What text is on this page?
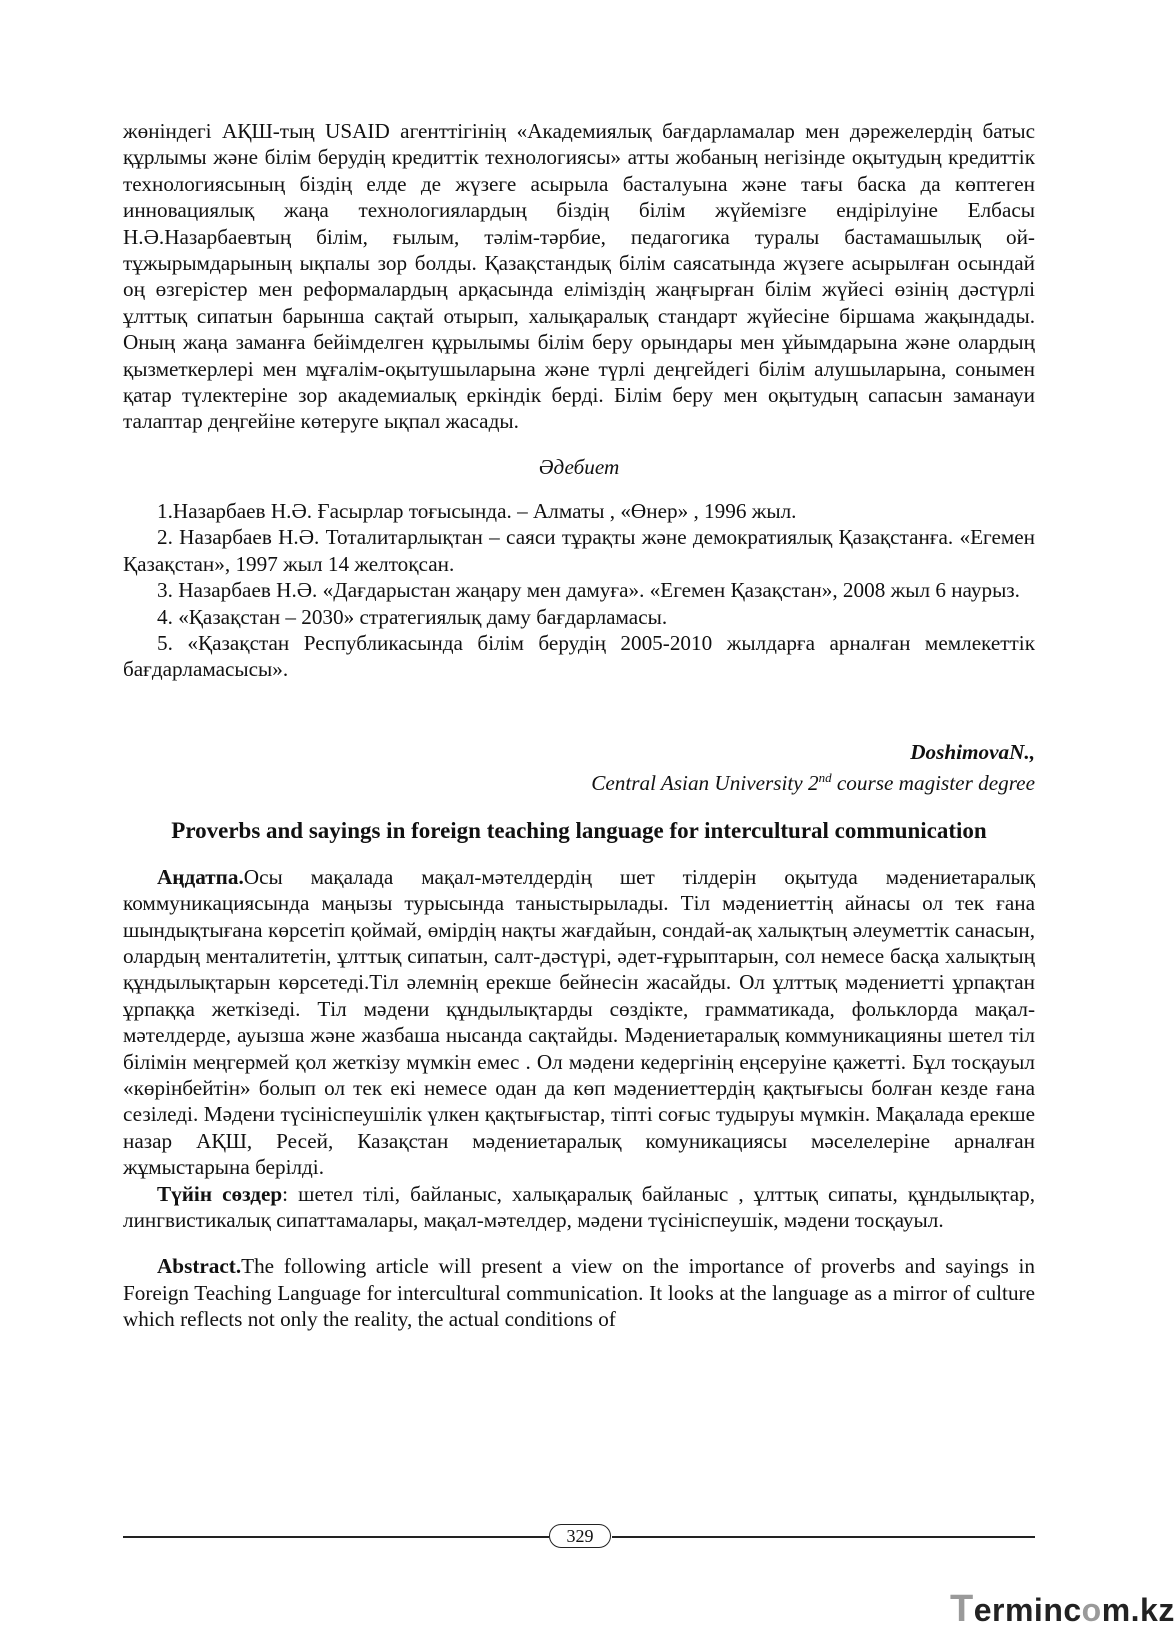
жөніндегі АҚШ-тың USAID агенттігінің «Академиялық бағдарламалар мен дәрежелердің батыс құрлымы және білім берудің кредиттік технологиясы» атты жобаның негізінде оқытудың кредиттік технологиясының біздің елде де жүзеге асырыла басталуына және тағы баска да көптеген инновациялық жаңа технологиялардың біздің білім жүйемізге ендірілуіне Елбасы Н.Ә.Назарбаевтың білім, ғылым, тәлім-тәрбие, педагогика туралы бастамашылық ой-тұжырымдарының ықпалы зор болды. Қазақстандық білім саясатында жүзеге асырылған осындай оң өзгерістер мен реформалардың арқасында еліміздің жаңғырған білім жүйесі өзінің дәстүрлі ұлттық сипатын барынша сақтай отырып, халықаралық стандарт жүйесіне біршама жақындады. Оның жаңа заманға бейімделген құрылымы білім беру орындары мен ұйымдарына және олардың қызметкерлері мен мұғалім-оқытушыларына және түрлі деңгейдегі білім алушыларына, сонымен қатар түлектеріне зор академиалық еркіндік берді. Білім беру мен оқытудың сапасын заманауи талаптар деңгейіне көтеруге ықпал жасады.

Әдебиет

1.Назарбаев Н.Ә. Ғасырлар тоғысында. – Алматы , «Өнер» , 1996 жыл.

2. Назарбаев Н.Ә. Тоталитарлықтан – саяси тұрақты және демократиялық Қазақстанға. «Егемен Қазақстан», 1997 жыл 14 желтоқсан.

3. Назарбаев Н.Ә. «Дағдарыстан жаңару мен дамуға». «Егемен Қазақстан», 2008 жыл 6 наурыз.

4. «Қазақстан – 2030» стратегиялық даму бағдарламасы.

5. «Қазақстан Республикасында білім берудің 2005-2010 жылдарға арналған мемлекеттік бағдарламасысы».

DoshimovaN.,
Central Asian University 2nd course magister degree
Proverbs and sayings in foreign teaching language for intercultural communication

Аңдатпа.Осы мақалада мақал-мәтелдердің шет тілдерін оқытуда мәдениетаралық коммуникациясында маңызы турысында таныстырылады. Тіл мәдениеттің айнасы ол тек ғана шындықтығана көрсетіп қоймай, өмірдің нақты жағдайын, сондай-ақ халықтың әлеуметтік санасын, олардың менталитетін, ұлттық сипатын, салт-дәстүрі, әдет-ғұрыптарын, сол немесе басқа халықтың құндылықтарын көрсетеді.Тіл әлемнің ерекше бейнесін жасайды. Ол ұлттық мәдениетті ұрпақтан ұрпаққа жеткізеді. Тіл мәдени құндылықтарды сөздікте, грамматикада, фольклорда мақал-мәтелдерде, ауызша және жазбаша нысанда сақтайды. Мәдениетаралық коммуникацияны шетел тіл білімін меңгермей қол жеткізу мүмкін емес . Ол мәдени кедергінің еңсеруіне қажетті. Бұл тосқауыл «көрінбейтін» болып ол тек екі немесе одан да көп мәдениеттердің қақтығысы болған кезде ғана сезіледі. Мәдени түсініспеушілік үлкен қақтығыстар, тіпті соғыс тудыруы мүмкін. Мақалада ерекше назар АҚШ, Ресей, Казақстан мәдениетаралық комуникациясы мәселелеріне арналған жұмыстарына берілді.

Түйін сөздер: шетел тілі, байланыс, халықаралық байланыс , ұлттық сипаты, құндылықтар, лингвистикалық сипаттамалары, мақал-мәтелдер, мәдени түсініспеушік, мәдени тосқауыл.

Abstract.The following article will present a view on the importance of proverbs and sayings in Foreign Teaching Language for intercultural communication. It looks at the language as a mirror of culture which reflects not only the reality, the actual conditions of

329
Termincom.kz
